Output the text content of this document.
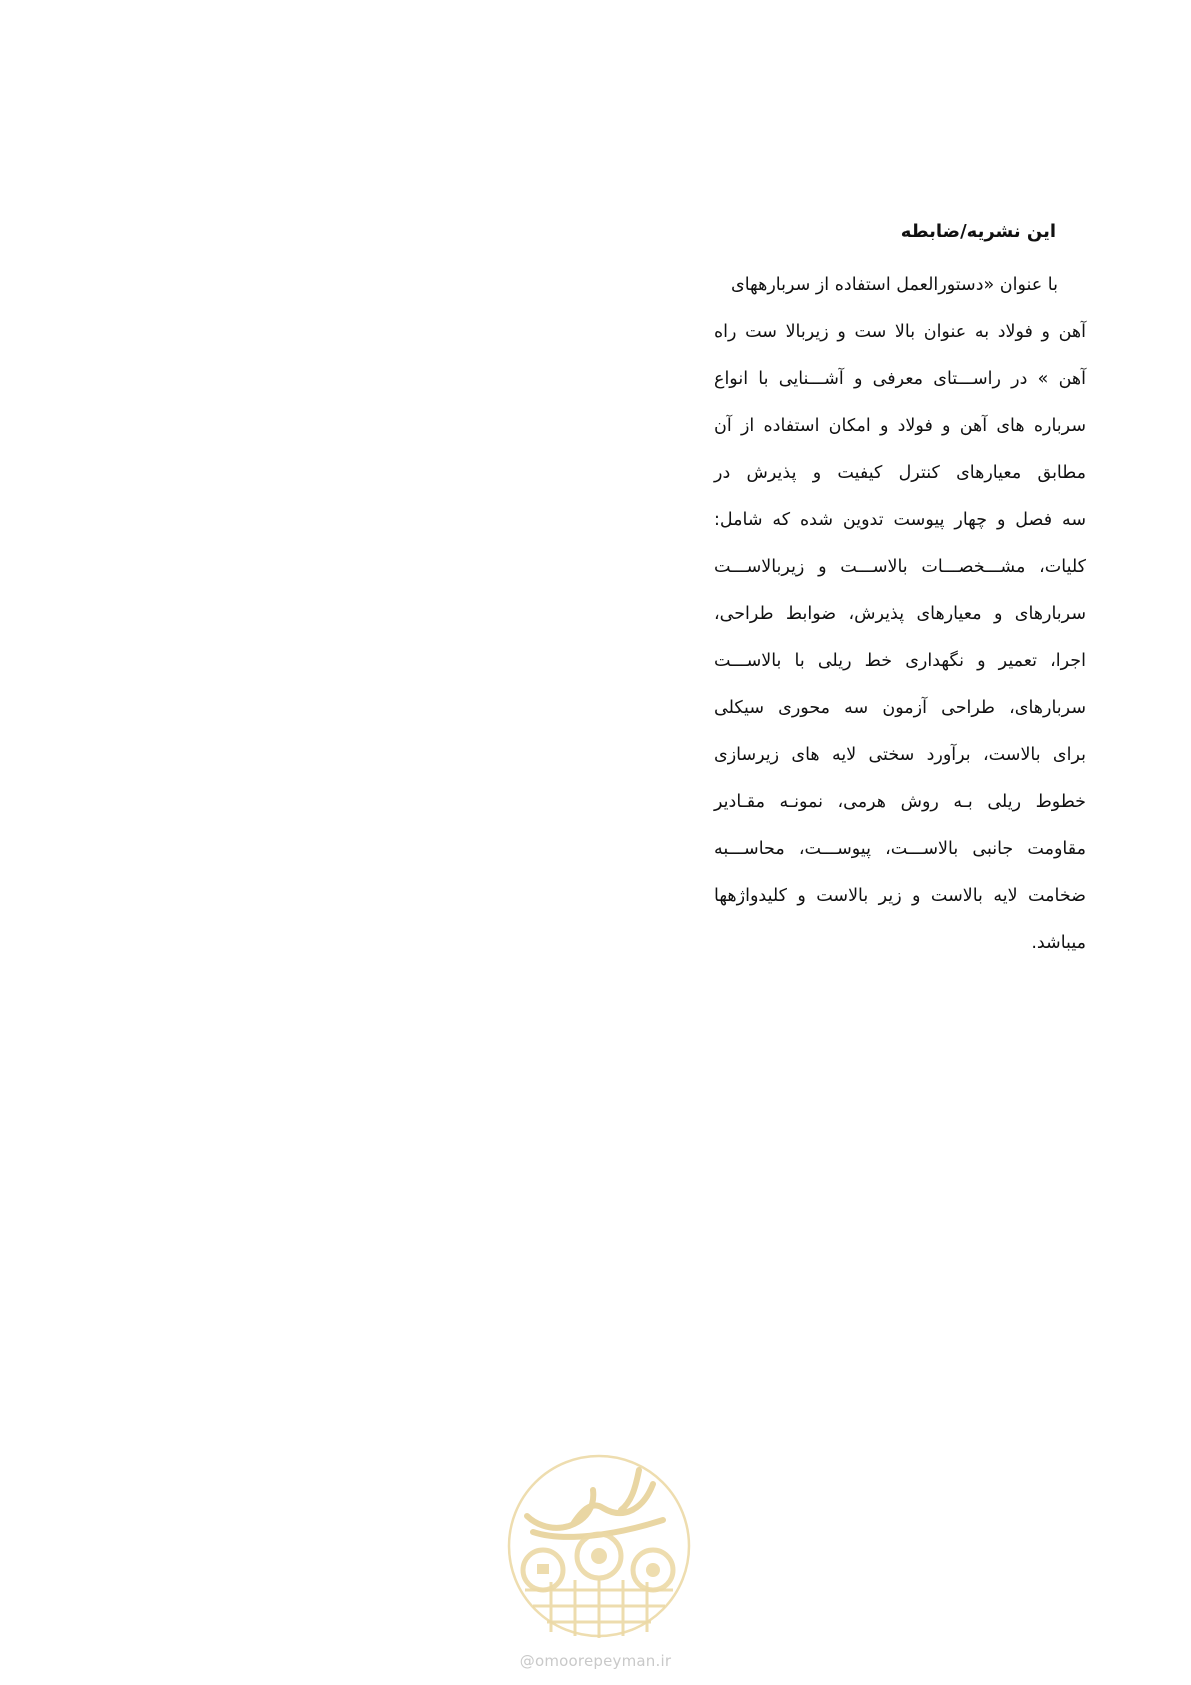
این نشریه/ضابطه
با عنوان «دستورالعمل استفاده از سربارههای
آهن و فولاد به عنوان بالا ست و زیربالا ست راه
آهن » در راســـتای معرفی و آشـــنایی با انواع
سرباره های آهن و فولاد و امکان استفاده از آن
مطابق معیارهای کنترل کیفیت و پذیرش در
سه فصل و چهار پیوست تدوین شده که شامل:
کلیات، مشـــخصـــات بالاســـت و زیربالاســـت
سربارهای و معیارهای پذیرش، ضوابط طراحی،
اجرا، تعمیر و نگهداری خط ریلی با بالاســـت
سربارهای، طراحی آزمون سه محوری سیکلی
برای بالاست، برآورد سختی لایه های زیرسازی
خطوط ریلی بـه روش هرمی، نمونـه مقـادیر
مقاومت جانبی بالاســـت، پیوســـت، محاســـبه
ضخامت لایه بالاست و زیر بالاست و کلیدواژهها
میباشد.
@omoorepeyman.ir
